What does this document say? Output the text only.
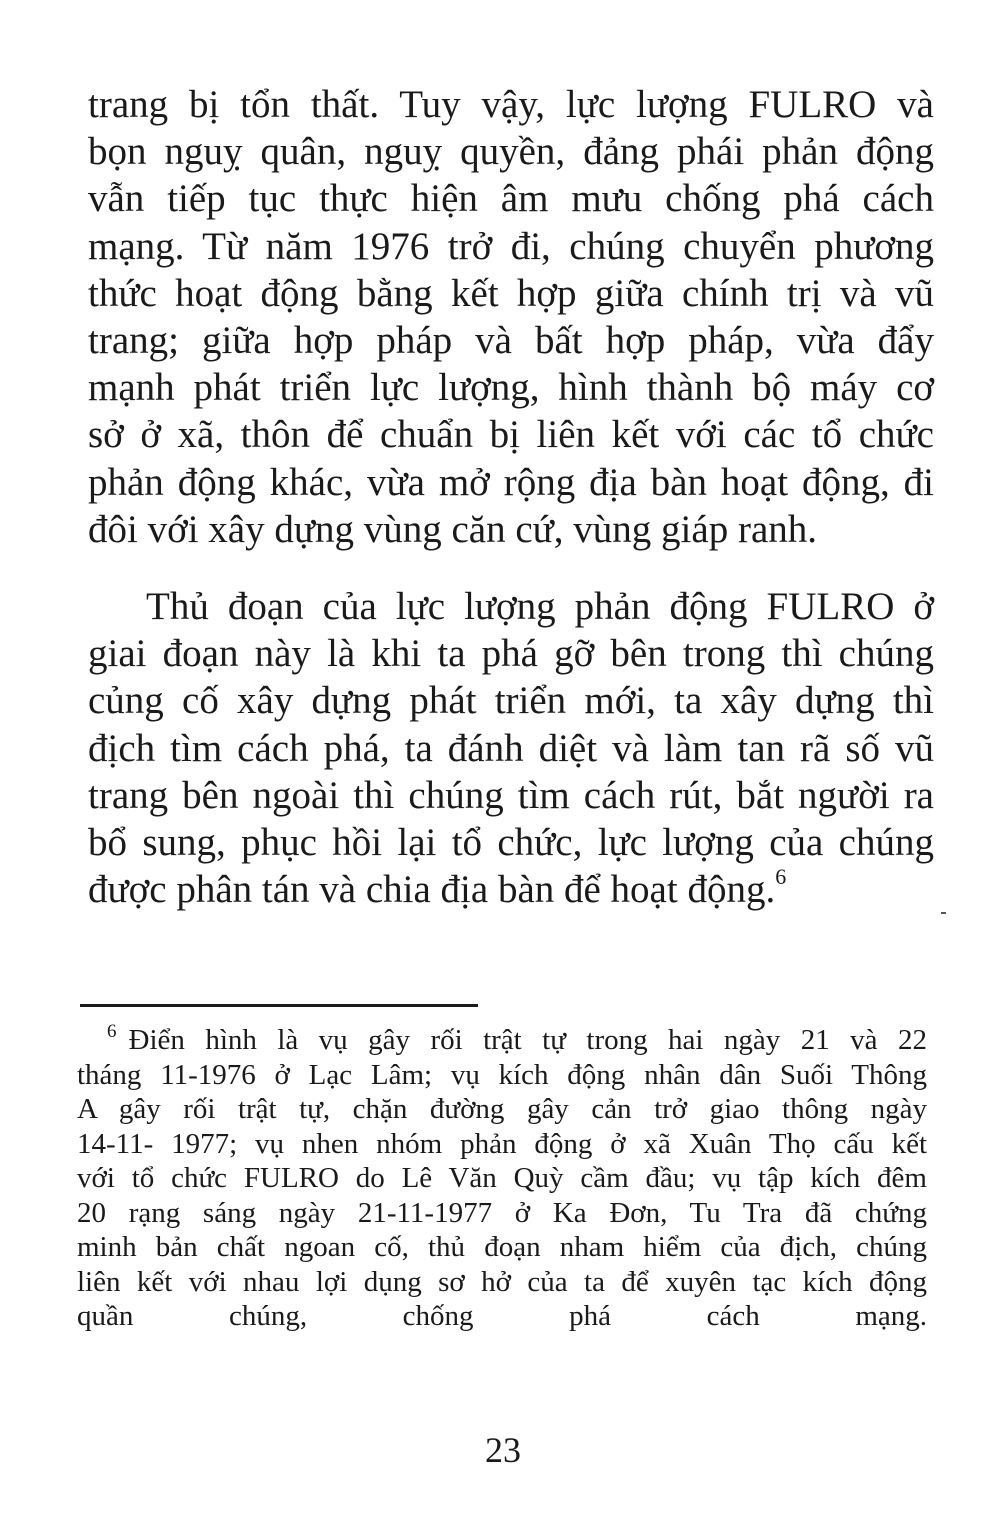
trang bị tổn thất. Tuy vậy, lực lượng FULRO và
bọn nguỵ quân, nguỵ quyền, đảng phái phản động
vẫn tiếp tục thực hiện âm mưu chống phá cách
mạng. Từ năm 1976 trở đi, chúng chuyển phương
thức hoạt động bằng kết hợp giữa chính trị và vũ
trang; giữa hợp pháp và bất hợp pháp, vừa đẩy
mạnh phát triển lực lượng, hình thành bộ máy cơ
sở ở xã, thôn để chuẩn bị liên kết với các tổ chức
phản động khác, vừa mở rộng địa bàn hoạt động, đi
đôi với xây dựng vùng căn cứ, vùng giáp ranh.
Thủ đoạn của lực lượng phản động FULRO ở
giai đoạn này là khi ta phá gỡ bên trong thì chúng
củng cố xây dựng phát triển mới, ta xây dựng thì
địch tìm cách phá, ta đánh diệt và làm tan rã số vũ
trang bên ngoài thì chúng tìm cách rút, bắt người ra
bổ sung, phục hồi lại tổ chức, lực lượng của chúng
được phân tán và chia địa bàn để hoạt động.$^6$
$^6$ Điển hình là vụ gây rối trật tự trong hai ngày 21 và 22
tháng 11-1976 ở Lạc Lâm; vụ kích động nhân dân Suối Thông
A gây rối trật tự, chặn đường gây cản trở giao thông ngày
14-11- 1977; vụ nhen nhóm phản động ở xã Xuân Thọ cấu kết
với tổ chức FULRO do Lê Văn Quỳ cầm đầu; vụ tập kích đêm
20 rạng sáng ngày 21-11-1977 ở Ka Đơn, Tu Tra đã chứng
minh bản chất ngoan cố, thủ đoạn nham hiểm của địch, chúng
liên kết với nhau lợi dụng sơ hở của ta để xuyên tạc kích động
quần chúng, chống phá cách mạng.
23
